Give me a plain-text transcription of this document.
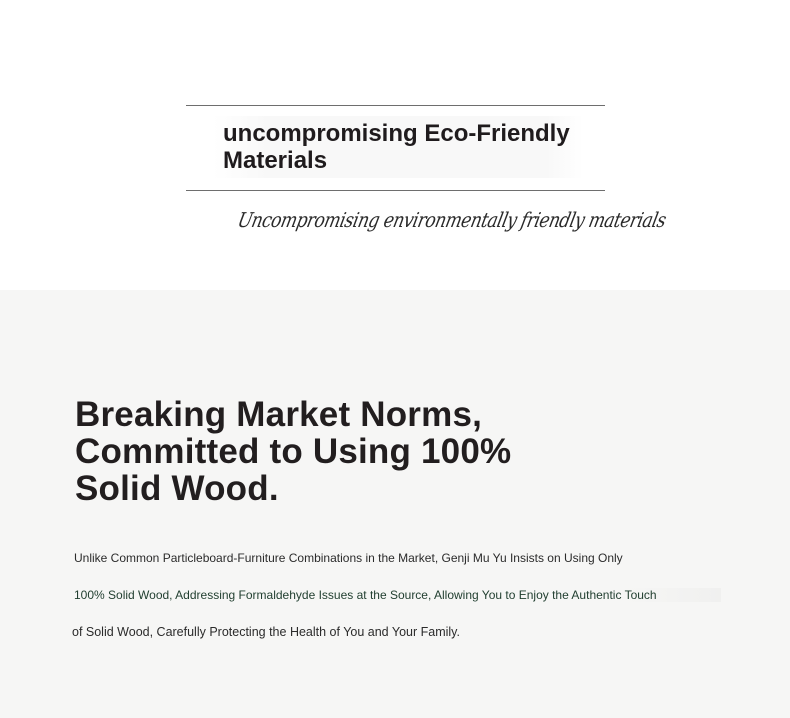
uncompromising Eco-Friendly
Materials
Uncompromising environmentally friendly materials
Breaking Market Norms,
Committed to Using 100%
Solid Wood.

Unlike Common Particleboard-Furniture Combinations in the Market, Genji Mu Yu Insists on Using Only

100% Solid Wood, Addressing Formaldehyde Issues at the Source, Allowing You to Enjoy the Authentic Touch

of Solid Wood, Carefully Protecting the Health of You and Your Family.
